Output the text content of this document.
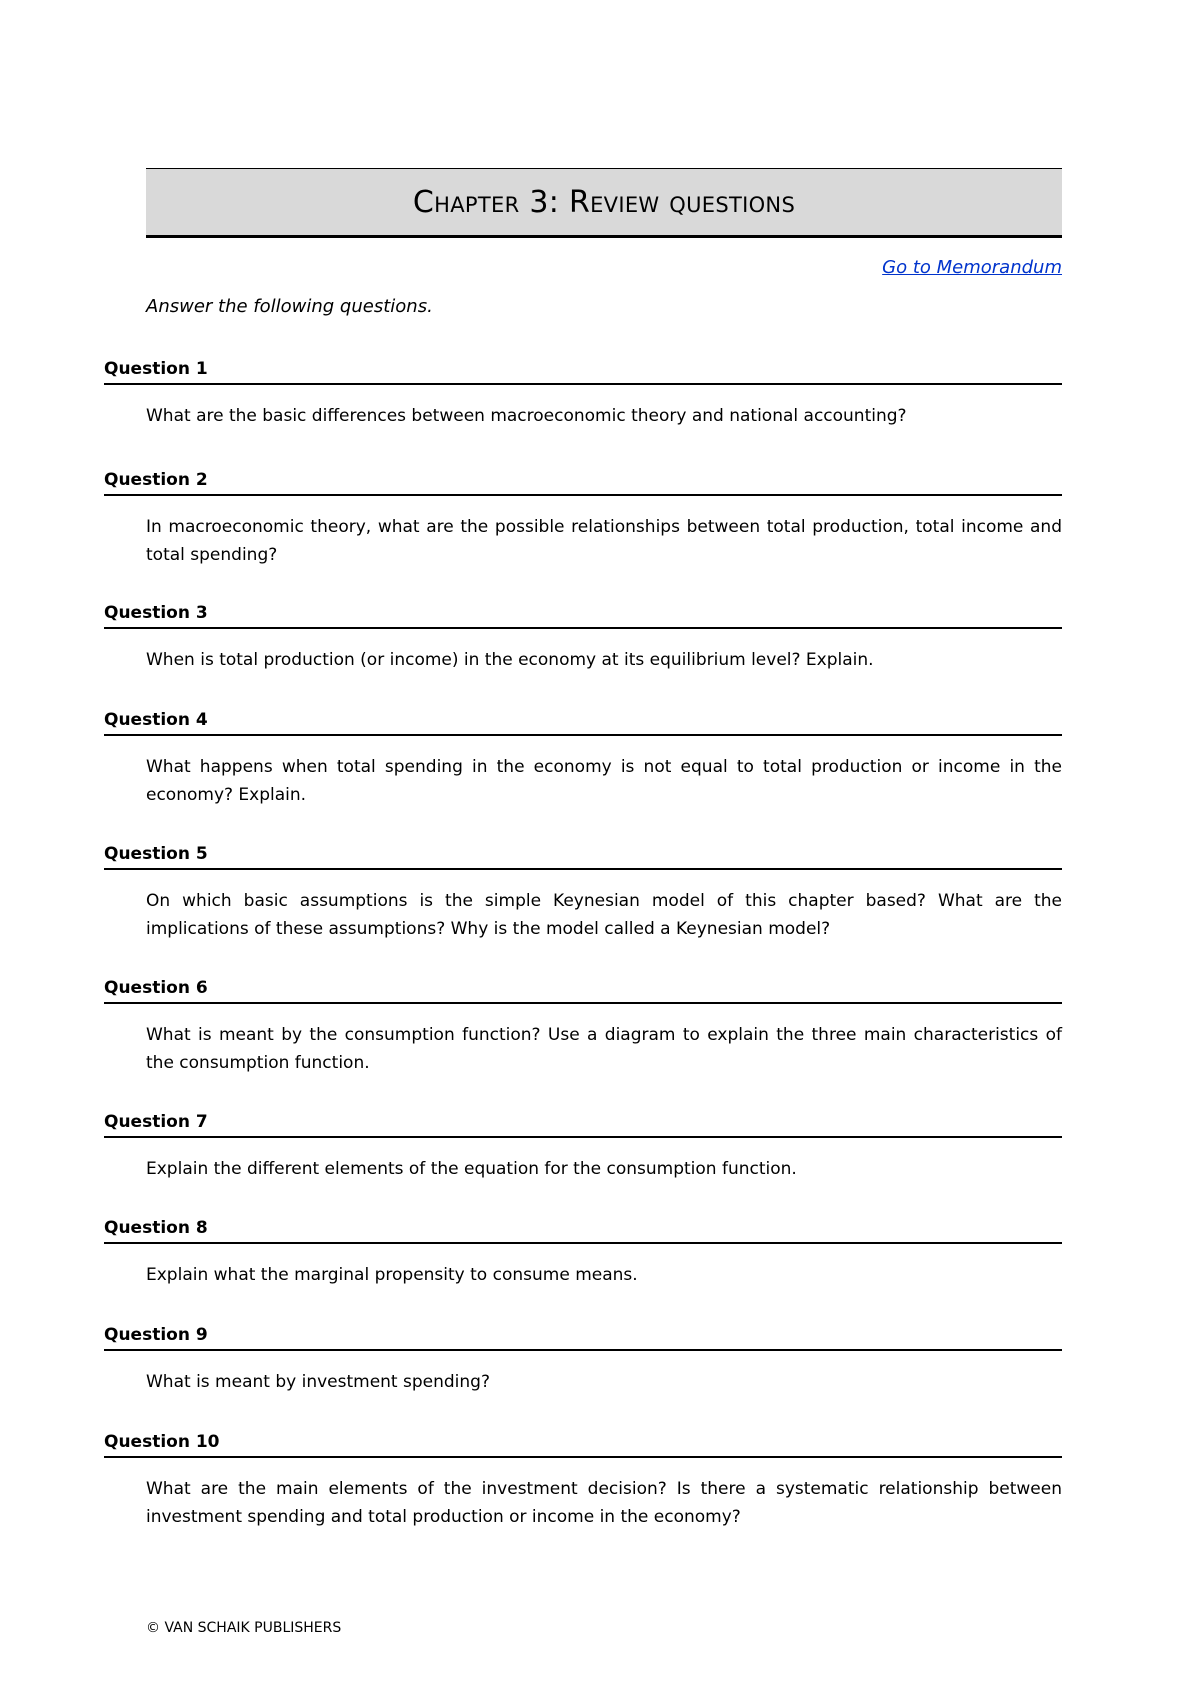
Chapter 3: Review questions
Go to Memorandum
Answer the following questions.
Question 1
What are the basic differences between macroeconomic theory and national accounting?
Question 2
In macroeconomic theory, what are the possible relationships between total production, total income and total spending?
Question 3
When is total production (or income) in the economy at its equilibrium level? Explain.
Question 4
What happens when total spending in the economy is not equal to total production or income in the economy? Explain.
Question 5
On which basic assumptions is the simple Keynesian model of this chapter based? What are the implications of these assumptions? Why is the model called a Keynesian model?
Question 6
What is meant by the consumption function? Use a diagram to explain the three main characteristics of the consumption function.
Question 7
Explain the different elements of the equation for the consumption function.
Question 8
Explain what the marginal propensity to consume means.
Question 9
What is meant by investment spending?
Question 10
What are the main elements of the investment decision? Is there a systematic relationship between investment spending and total production or income in the economy?
© VAN SCHAIK PUBLISHERS
